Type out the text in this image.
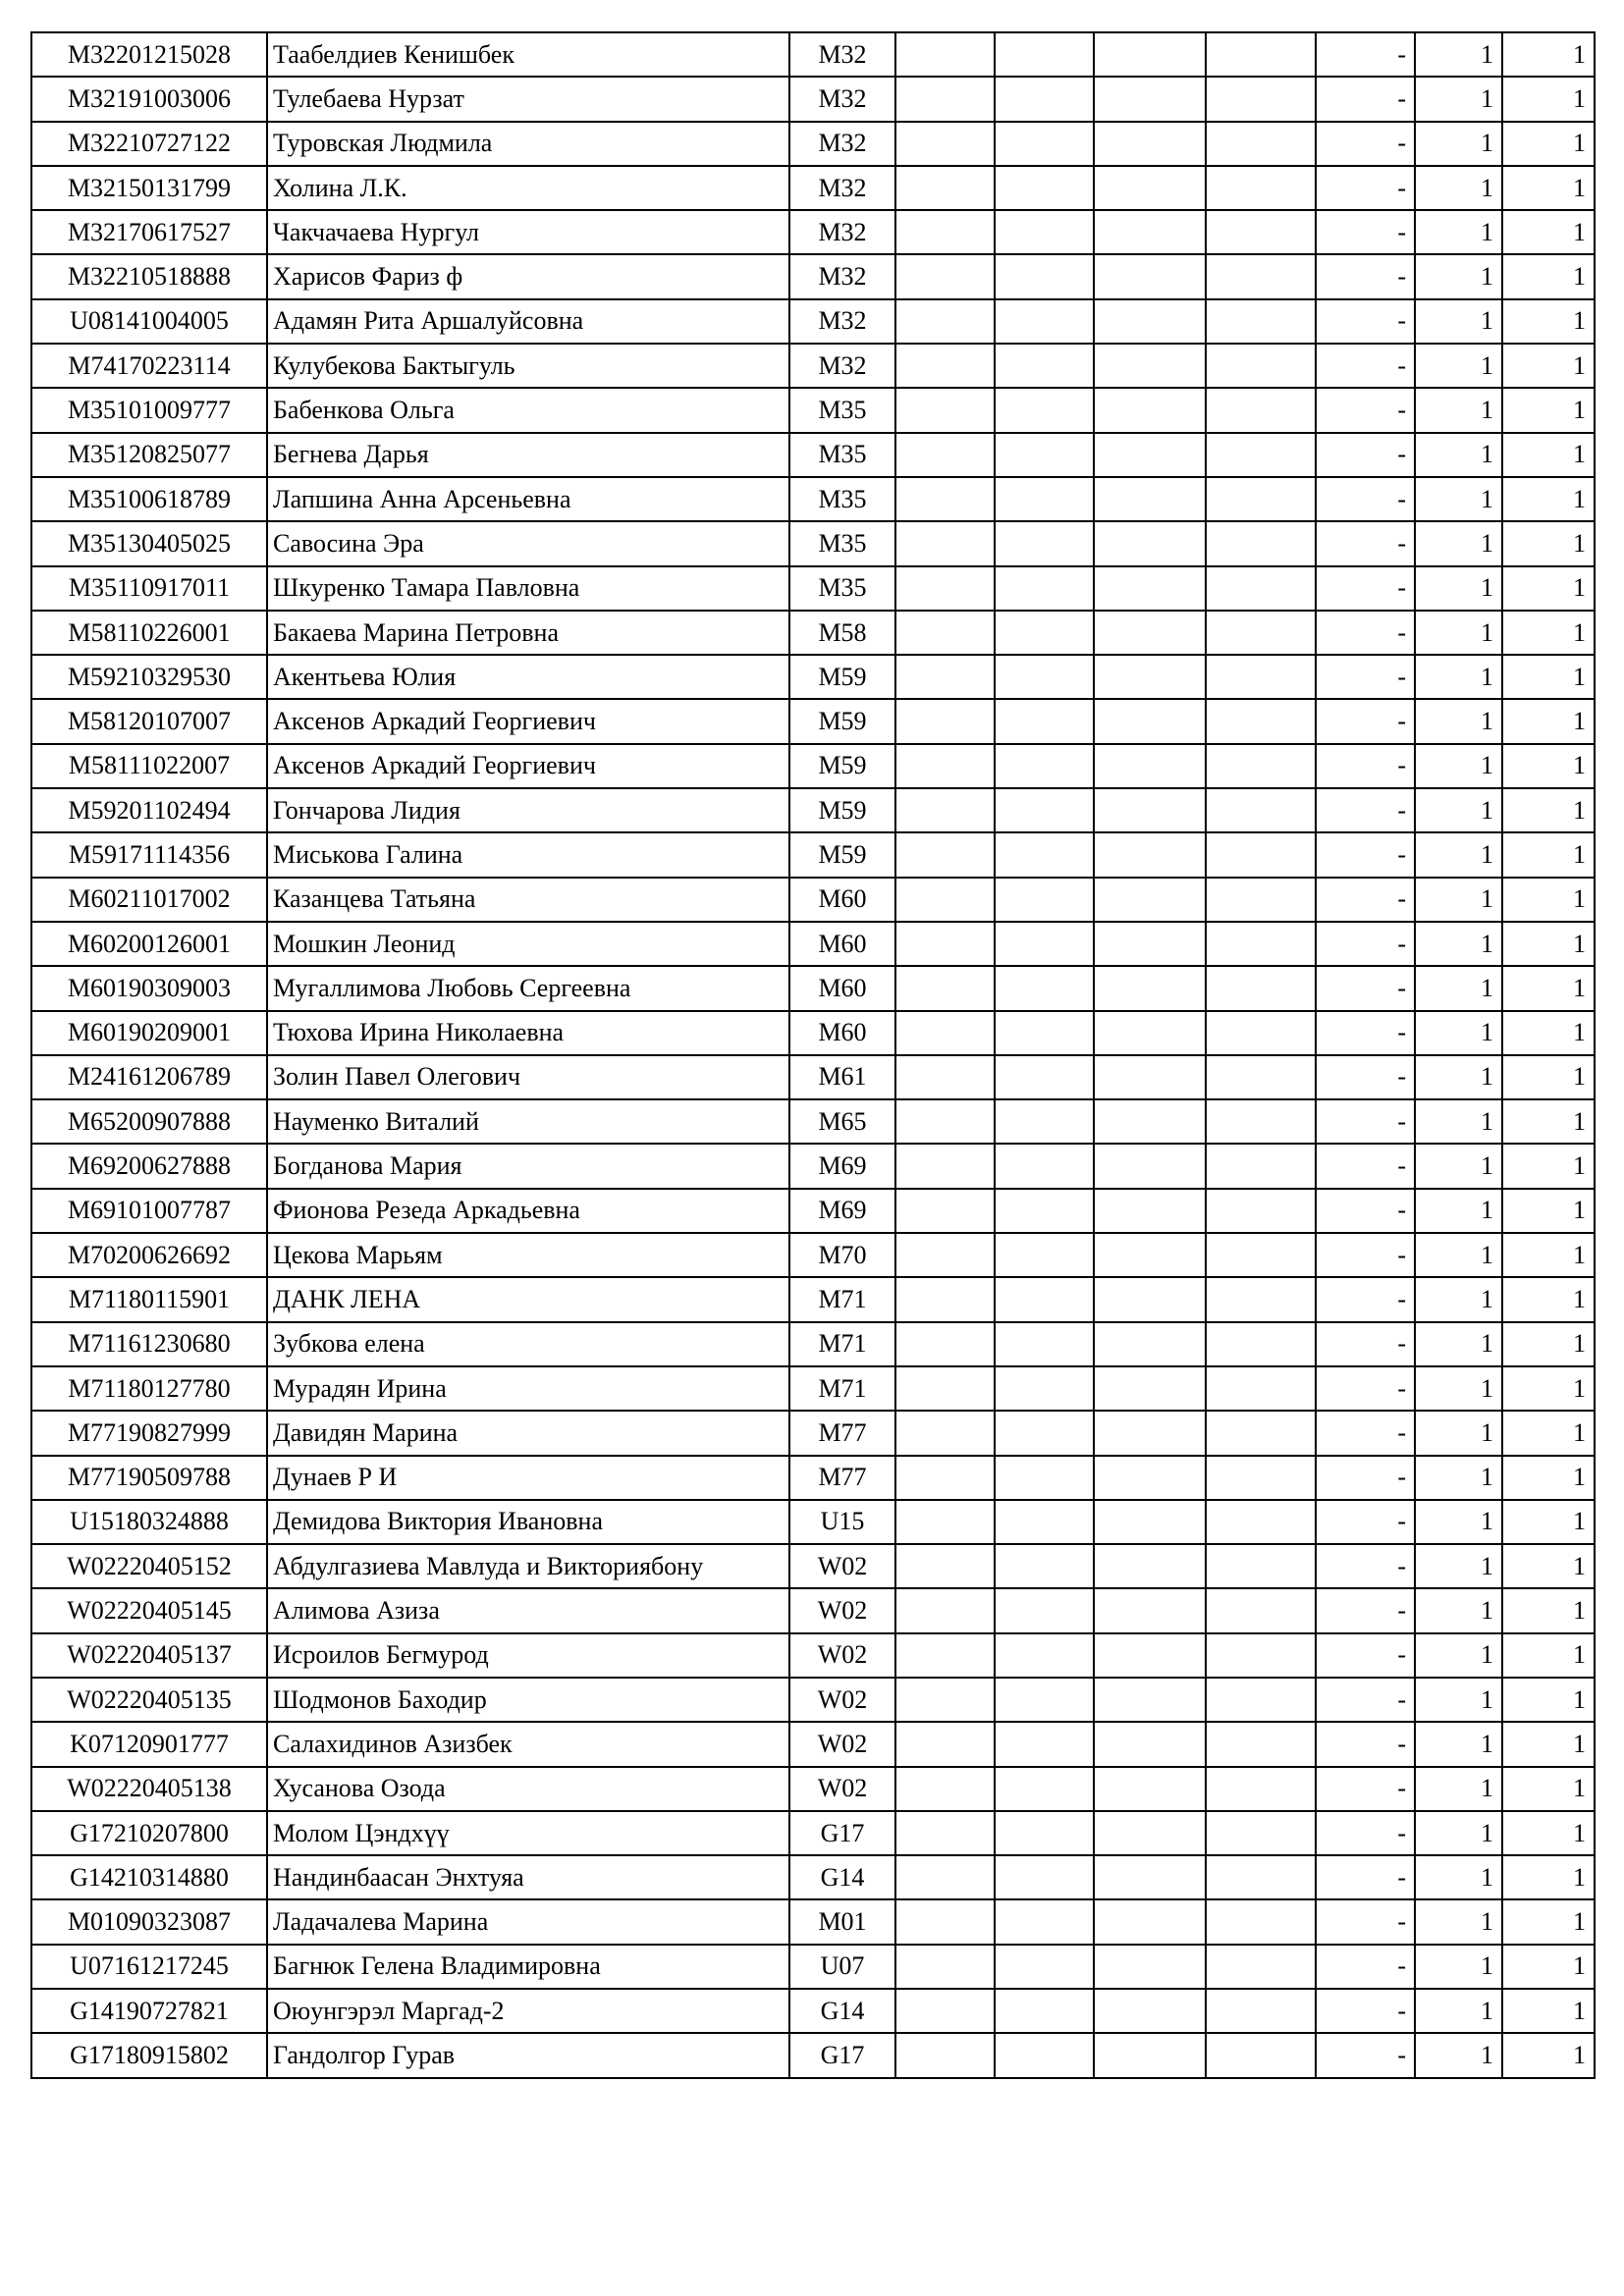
M32201215028	Таабелдиев Кенишбек	M32					-	1	1
M32191003006	Тулебаева Нурзат	M32					-	1	1
M32210727122	Туровская Людмила	M32					-	1	1
M32150131799	Холина Л.К.	M32					-	1	1
M32170617527	Чакчачаева Нургул	M32					-	1	1
M32210518888	Харисов Фариз ф	M32					-	1	1
U08141004005	Адамян Рита Аршалуйсовна	M32					-	1	1
M74170223114	Кулубекова Бактыгуль	M32					-	1	1
M35101009777	Бабенкова Ольга	M35					-	1	1
M35120825077	Бегнева Дарья	M35					-	1	1
M35100618789	Лапшина Анна Арсеньевна	M35					-	1	1
M35130405025	Савосина Эра	M35					-	1	1
M35110917011	Шкуренко Тамара Павловна	M35					-	1	1
M58110226001	Бакаева Марина Петровна	M58					-	1	1
M59210329530	Акентьева Юлия	M59					-	1	1
M58120107007	Аксенов Аркадий Георгиевич	M59					-	1	1
M58111022007	Аксенов Аркадий Георгиевич	M59					-	1	1
M59201102494	Гончарова Лидия	M59					-	1	1
M59171114356	Миськова Галина	M59					-	1	1
M60211017002	Казанцева Татьяна	M60					-	1	1
M60200126001	Мошкин Леонид	M60					-	1	1
M60190309003	Мугаллимова Любовь Сергеевна	M60					-	1	1
M60190209001	Тюхова Ирина Николаевна	M60					-	1	1
M24161206789	Золин Павел Олегович	M61					-	1	1
M65200907888	Науменко Виталий	M65					-	1	1
M69200627888	Богданова Мария	M69					-	1	1
M69101007787	Фионова Резеда Аркадьевна	M69					-	1	1
M70200626692	Цекова Марьям	M70					-	1	1
M71180115901	ДАНК ЛЕНА	M71					-	1	1
M71161230680	Зубкова елена	M71					-	1	1
M71180127780	Мурадян Ирина	M71					-	1	1
M77190827999	Давидян Марина	M77					-	1	1
M77190509788	Дунаев Р И	M77					-	1	1
U15180324888	Демидова Виктория Ивановна	U15					-	1	1
W02220405152	Абдулгазиева Мавлуда и Викториябону	W02					-	1	1
W02220405145	Алимова Азиза	W02					-	1	1
W02220405137	Исроилов Бегмурод	W02					-	1	1
W02220405135	Шодмонов Баходир	W02					-	1	1
K07120901777	Салахидинов Азизбек	W02					-	1	1
W02220405138	Хусанова Озода	W02					-	1	1
G17210207800	Молом Цэндхүү	G17					-	1	1
G14210314880	Нандинбаасан Энхтуяа	G14					-	1	1
M01090323087	Ладачалева Марина	M01					-	1	1
U07161217245	Багнюк Гелена Владимировна	U07					-	1	1
G14190727821	Оюунгэрэл Маргад-2	G14					-	1	1
G17180915802	Гандолгор Гурав	G17					-	1	1
